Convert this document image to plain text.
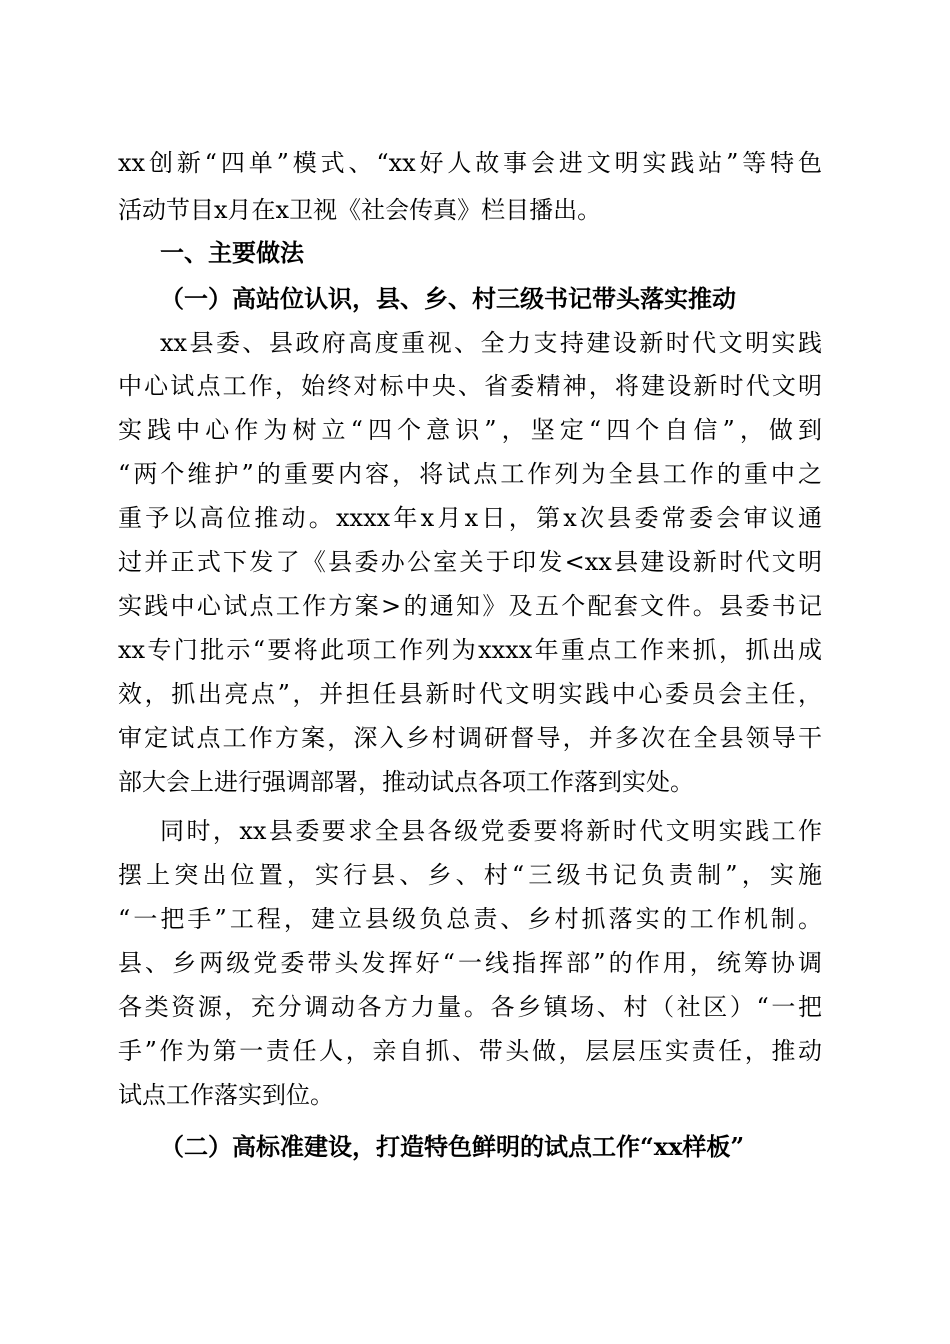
xx创新“四单”模式、“xx好人故事会进文明实践站”等特色
活动节目x月在x卫视《社会传真》栏目播出。
一、主要做法
（一）高站位认识，县、乡、村三级书记带头落实推动
xx县委、县政府高度重视、全力支持建设新时代文明实践
中心试点工作，始终对标中央、省委精神，将建设新时代文明
实践中心作为树立“四个意识”，坚定“四个自信”，做到
“两个维护”的重要内容，将试点工作列为全县工作的重中之
重予以高位推动。xxxx年x月x日，第x次县委常委会审议通
过并正式下发了《县委办公室关于印发<xx县建设新时代文明
实践中心试点工作方案>的通知》及五个配套文件。县委书记
xx专门批示“要将此项工作列为xxxx年重点工作来抓，抓出成
效，抓出亮点”，并担任县新时代文明实践中心委员会主任，
审定试点工作方案，深入乡村调研督导，并多次在全县领导干
部大会上进行强调部署，推动试点各项工作落到实处。
同时，xx县委要求全县各级党委要将新时代文明实践工作
摆上突出位置，实行县、乡、村“三级书记负责制”，实施
“一把手”工程，建立县级负总责、乡村抓落实的工作机制。
县、乡两级党委带头发挥好“一线指挥部”的作用，统筹协调
各类资源，充分调动各方力量。各乡镇场、村（社区）“一把
手”作为第一责任人，亲自抓、带头做，层层压实责任，推动
试点工作落实到位。
（二）高标准建设，打造特色鲜明的试点工作“xx样板”
